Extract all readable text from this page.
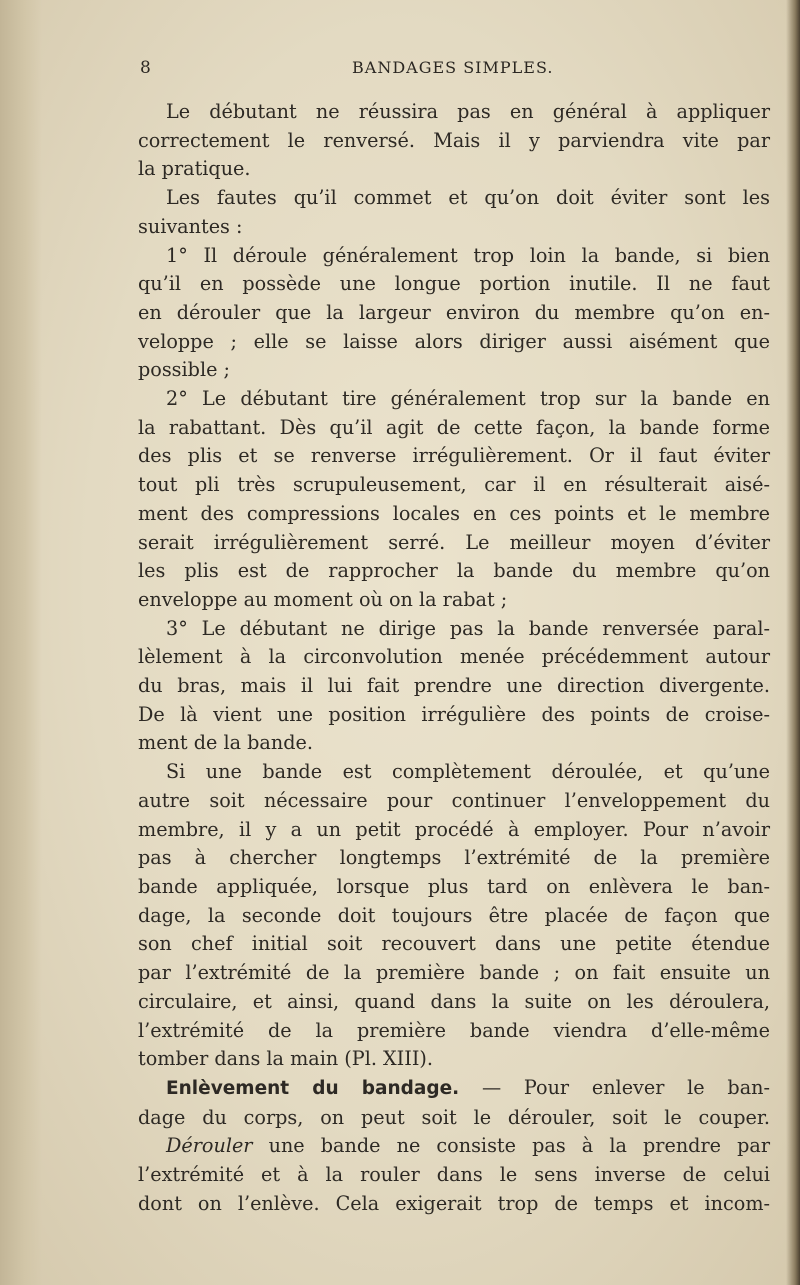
8	BANDAGES SIMPLES.
Le débutant ne réussira pas en général à appliquer
correctement le renversé. Mais il y parviendra vite par
la pratique.
Les fautes qu’il commet et qu’on doit éviter sont les
suivantes :
1° Il déroule généralement trop loin la bande, si bien
qu’il en possède une longue portion inutile. Il ne faut
en dérouler que la largeur environ du membre qu’on en-
veloppe ; elle se laisse alors diriger aussi aisément que
possible ;
2° Le débutant tire généralement trop sur la bande en
la rabattant. Dès qu’il agit de cette façon, la bande forme
des plis et se renverse irrégulièrement. Or il faut éviter
tout pli très scrupuleusement, car il en résulterait aisé-
ment des compressions locales en ces points et le membre
serait irrégulièrement serré. Le meilleur moyen d’éviter
les plis est de rapprocher la bande du membre qu’on
enveloppe au moment où on la rabat ;
3° Le débutant ne dirige pas la bande renversée paral-
lèlement à la circonvolution menée précédemment autour
du bras, mais il lui fait prendre une direction divergente.
De là vient une position irrégulière des points de croise-
ment de la bande.
Si une bande est complètement déroulée, et qu’une
autre soit nécessaire pour continuer l’enveloppement du
membre, il y a un petit procédé à employer. Pour n’avoir
pas à chercher longtemps l’extrémité de la première
bande appliquée, lorsque plus tard on enlèvera le ban-
dage, la seconde doit toujours être placée de façon que
son chef initial soit recouvert dans une petite étendue
par l’extrémité de la première bande ; on fait ensuite un
circulaire, et ainsi, quand dans la suite on les déroulera,
l’extrémité de la première bande viendra d’elle-même
tomber dans la main (Pl. XIII).
Enlèvement du bandage. — Pour enlever le ban-
dage du corps, on peut soit le dérouler, soit le couper.
Dérouler une bande ne consiste pas à la prendre par
l’extrémité et à la rouler dans le sens inverse de celui
dont on l’enlève. Cela exigerait trop de temps et incom-
